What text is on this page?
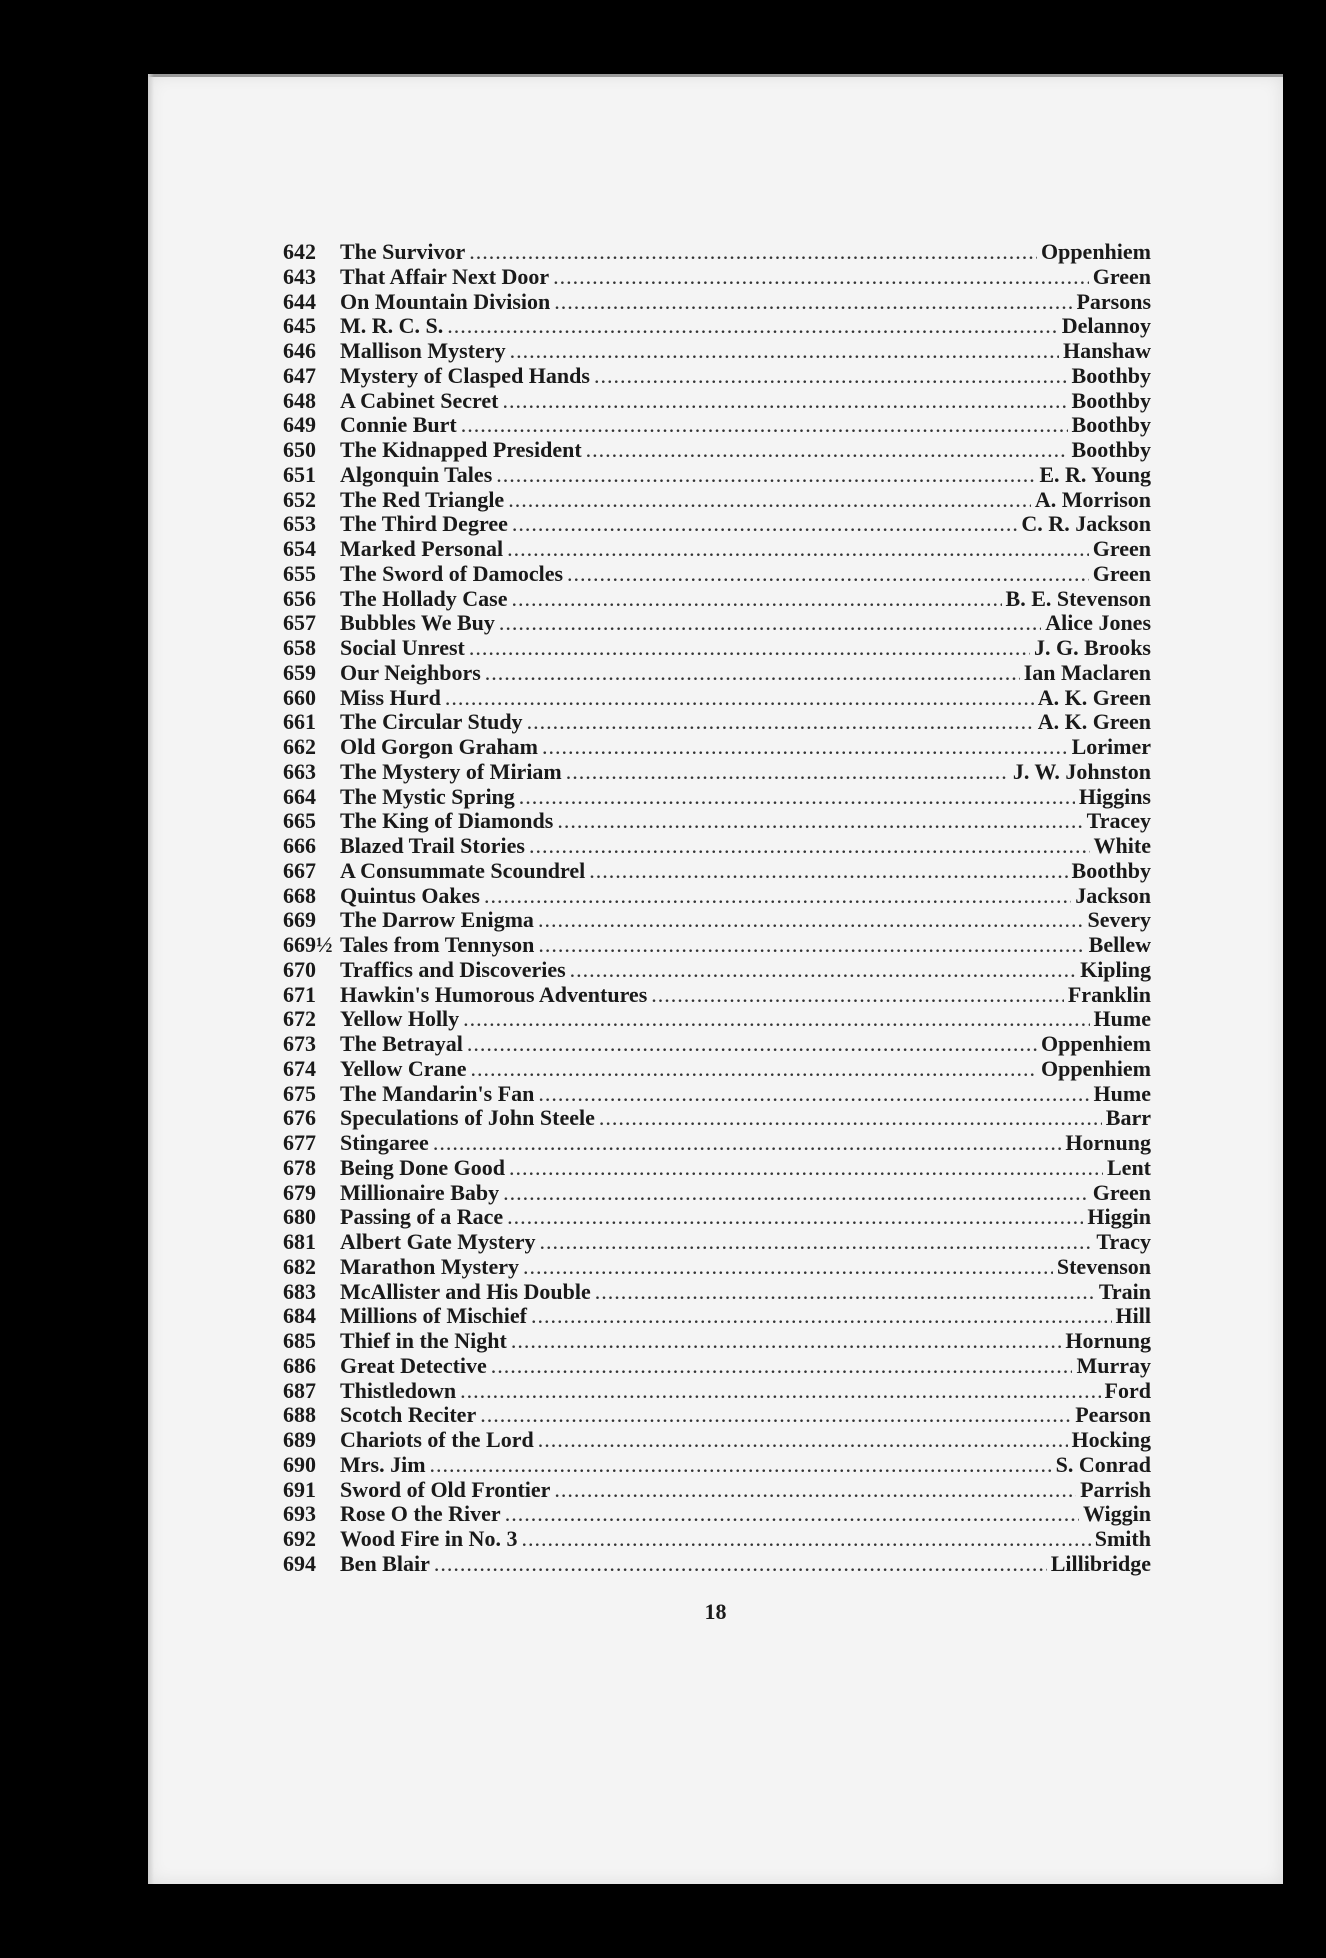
642	The Survivor .....	Oppenhiem
643	That Affair Next Door .....	Green
644	On Mountain Division .....	Parsons
645	M. R. C. S. .....	Delannoy
646	Mallison Mystery .....	Hanshaw
647	Mystery of Clasped Hands .....	Boothby
648	A Cabinet Secret .....	Boothby
649	Connie Burt .....	Boothby
650	The Kidnapped President .....	Boothby
651	Algonquin Tales .....	E. R. Young
652	The Red Triangle .....	A. Morrison
653	The Third Degree .....	C. R. Jackson
654	Marked Personal .....	Green
655	The Sword of Damocles .....	Green
656	The Hollady Case .....	B. E. Stevenson
657	Bubbles We Buy .....	Alice Jones
658	Social Unrest .....	J. G. Brooks
659	Our Neighbors .....	Ian Maclaren
660	Miss Hurd .....	A. K. Green
661	The Circular Study .....	A. K. Green
662	Old Gorgon Graham .....	Lorimer
663	The Mystery of Miriam .....	J. W. Johnston
664	The Mystic Spring .....	Higgins
665	The King of Diamonds .....	Tracey
666	Blazed Trail Stories .....	White
667	A Consummate Scoundrel .....	Boothby
668	Quintus Oakes .....	Jackson
669	The Darrow Enigma .....	Severy
669½ Tales from Tennyson .....	Bellew
670	Traffics and Discoveries .....	Kipling
671	Hawkin's Humorous Adventures .....	Franklin
672	Yellow Holly .....	Hume
673	The Betrayal .....	Oppenhiem
674	Yellow Crane .....	Oppenhiem
675	The Mandarin's Fan .....	Hume
676	Speculations of John Steele .....	Barr
677	Stingaree .....	Hornung
678	Being Done Good .....	Lent
679	Millionaire Baby .....	Green
680	Passing of a Race .....	Higgin
681	Albert Gate Mystery .....	Tracy
682	Marathon Mystery .....	Stevenson
683	McAllister and His Double .....	Train
684	Millions of Mischief .....	Hill
685	Thief in the Night .....	Hornung
686	Great Detective .....	Murray
687	Thistledown .....	Ford
688	Scotch Reciter .....	Pearson
689	Chariots of the Lord .....	Hocking
690	Mrs. Jim .....	S. Conrad
691	Sword of Old Frontier .....	Parrish
693	Rose O the River .....	Wiggin
692	Wood Fire in No. 3 .....	Smith
694	Ben Blair .....	Lillibridge
18
